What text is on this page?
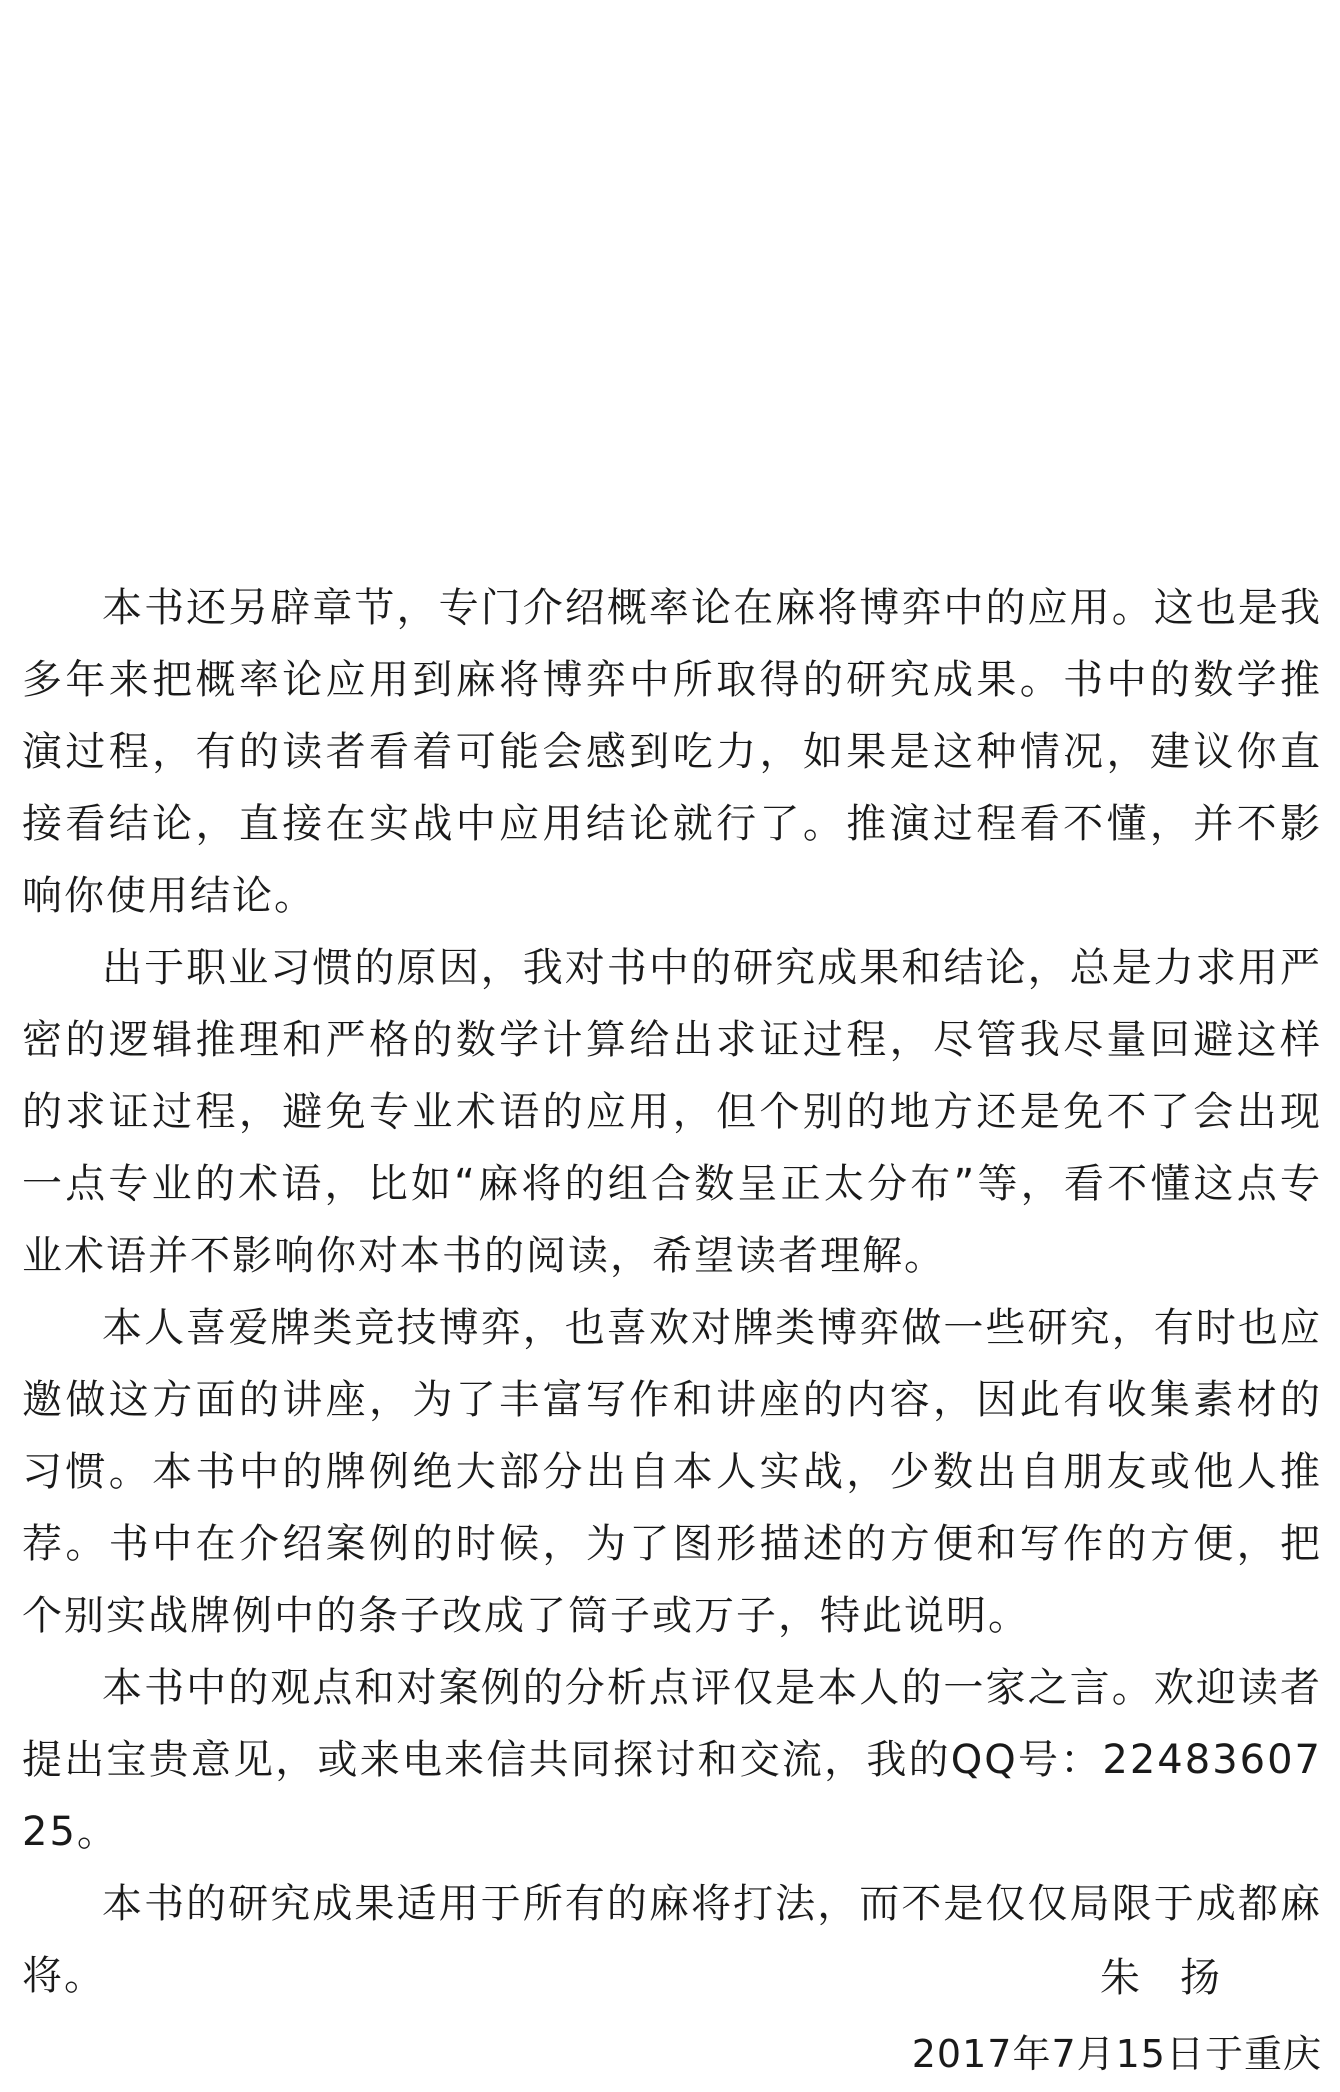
本书还另辟章节，专门介绍概率论在麻将博弈中的应用。这也是我多年来把概率论应用到麻将博弈中所取得的研究成果。书中的数学推演过程，有的读者看着可能会感到吃力，如果是这种情况，建议你直接看结论，直接在实战中应用结论就行了。推演过程看不懂，并不影响你使用结论。

出于职业习惯的原因，我对书中的研究成果和结论，总是力求用严密的逻辑推理和严格的数学计算给出求证过程，尽管我尽量回避这样的求证过程，避免专业术语的应用，但个别的地方还是免不了会出现一点专业的术语，比如“麻将的组合数呈正太分布”等，看不懂这点专业术语并不影响你对本书的阅读，希望读者理解。

本人喜爱牌类竞技博弈，也喜欢对牌类博弈做一些研究，有时也应邀做这方面的讲座，为了丰富写作和讲座的内容，因此有收集素材的习惯。本书中的牌例绝大部分出自本人实战，少数出自朋友或他人推荐。书中在介绍案例的时候，为了图形描述的方便和写作的方便，把个别实战牌例中的条子改成了筒子或万子，特此说明。

本书中的观点和对案例的分析点评仅是本人的一家之言。欢迎读者提出宝贵意见，或来电来信共同探讨和交流，我的QQ号：2248360725。

本书的研究成果适用于所有的麻将打法，而不是仅仅局限于成都麻将。	朱扬
2017年7月15日于重庆
